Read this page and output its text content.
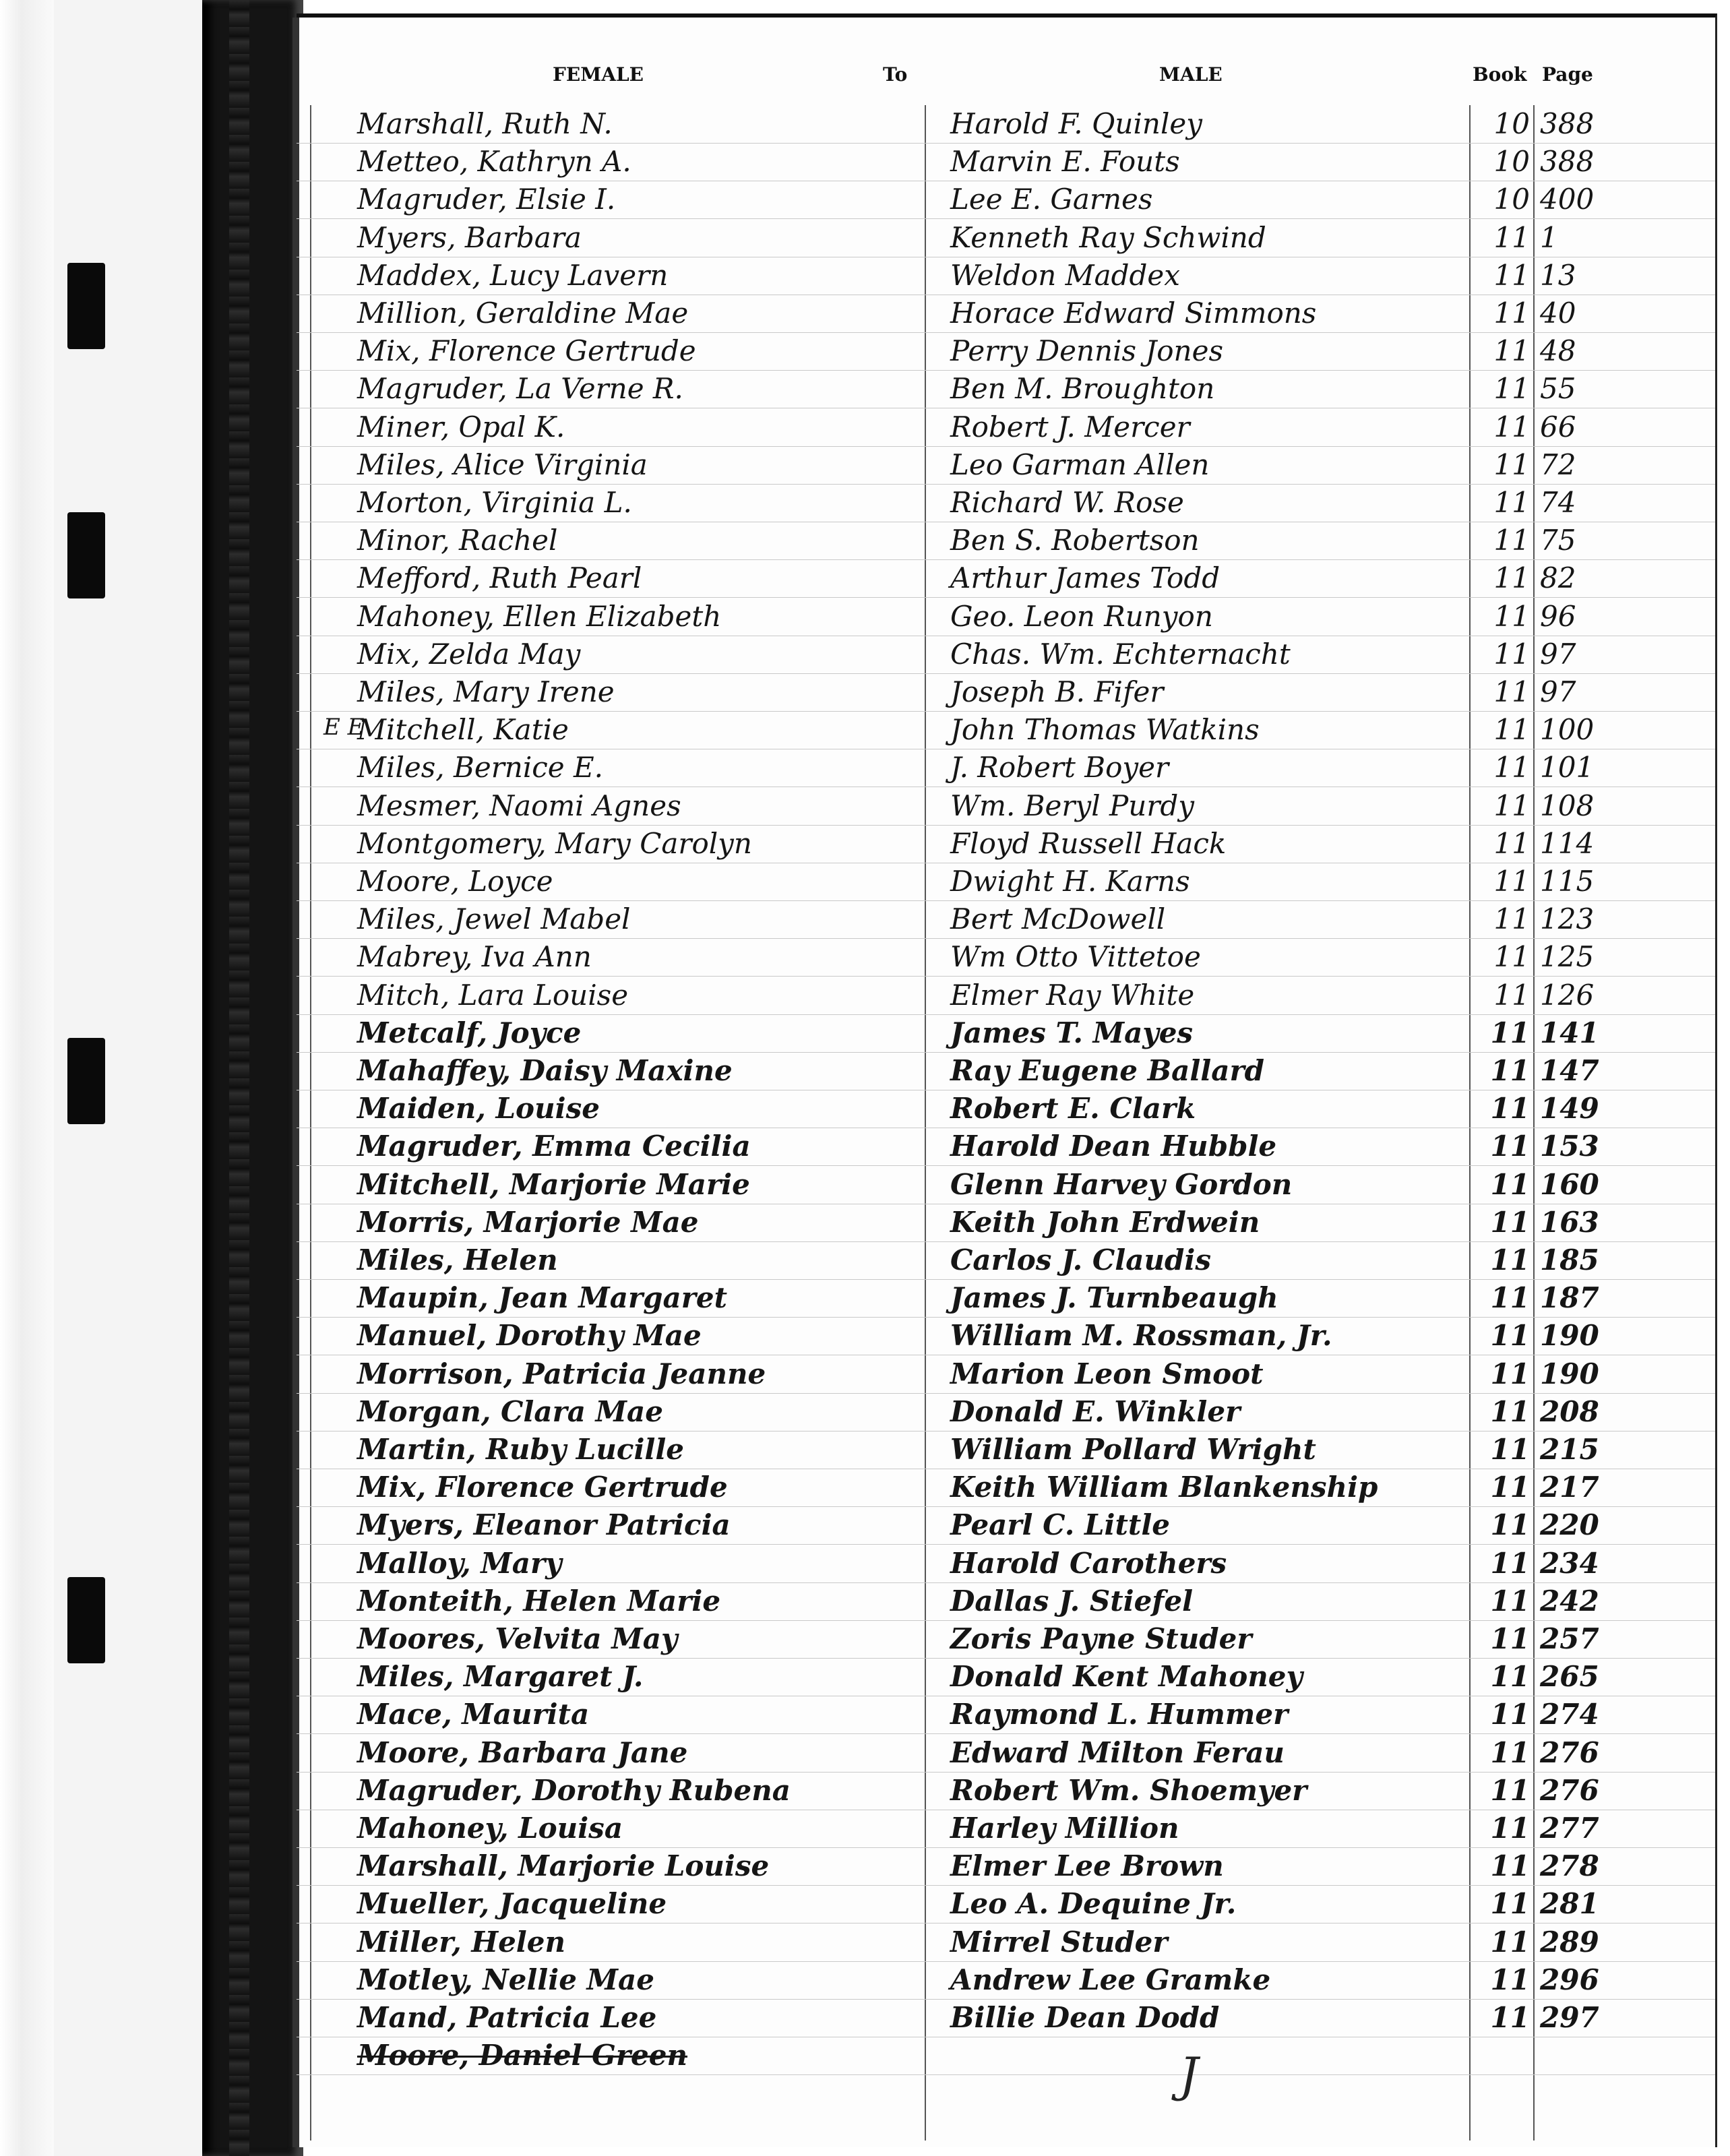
FEMALE	To	MALE	Book Page
Marshall, Ruth N.	Harold F. Quinley	10 388
Metteo, Kathryn A.	Marvin E. Fouts	10 388
Magruder, Elsie I.	Lee E. Garnes	10 400
Myers, Barbara	Kenneth Ray Schwind	11 1
Maddex, Lucy Lavern	Weldon Maddex	11 13
Million, Geraldine Mae	Horace Edward Simmons	11 40
Mix, Florence Gertrude	Perry Dennis Jones	11 48
Magruder, La Verne R.	Ben M. Broughton	11 55
Miner, Opal K.	Robert J. Mercer	11 66
Miles, Alice Virginia	Leo Garman Allen	11 72
Morton, Virginia L.	Richard W. Rose	11 74
Minor, Rachel	Ben S. Robertson	11 75
Mefford, Ruth Pearl	Arthur James Todd	11 82
Mahoney, Ellen Elizabeth	Geo. Leon Runyon	11 96
Mix, Zelda May	Chas. Wm. Echternacht	11 97
Miles, Mary Irene	Joseph B. Fifer	11 97
E E
Mitchell, Katie	John Thomas Watkins	11 100
Miles, Bernice E.	J. Robert Boyer	11 101
Mesmer, Naomi Agnes	Wm. Beryl Purdy	11 108
Montgomery, Mary Carolyn	Floyd Russell Hack	11 114
Moore, Loyce	Dwight H. Karns	11 115
Miles, Jewel Mabel	Bert McDowell	11 123
Mabrey, Iva Ann	Wm Otto Vittetoe	11 125
Mitch, Lara Louise	Elmer Ray White	11 126
Metcalf, Joyce	James T. Mayes	11 141
Mahaffey, Daisy Maxine	Ray Eugene Ballard	11 147
Maiden, Louise	Robert E. Clark	11 149
Magruder, Emma Cecilia	Harold Dean Hubble	11 153
Mitchell, Marjorie Marie	Glenn Harvey Gordon	11 160
Morris, Marjorie Mae	Keith John Erdwein	11 163
Miles, Helen	Carlos J. Claudis	11 185
Maupin, Jean Margaret	James J. Turnbeaugh	11 187
Manuel, Dorothy Mae	William M. Rossman, Jr.	11 190
Morrison, Patricia Jeanne	Marion Leon Smoot	11 190
Morgan, Clara Mae	Donald E. Winkler	11 208
Martin, Ruby Lucille	William Pollard Wright	11 215
Mix, Florence Gertrude	Keith William Blankenship	11 217
Myers, Eleanor Patricia	Pearl C. Little	11 220
Malloy, Mary	Harold Carothers	11 234
Monteith, Helen Marie	Dallas J. Stiefel	11 242
Moores, Velvita May	Zoris Payne Studer	11 257
Miles, Margaret J.	Donald Kent Mahoney	11 265
Mace, Maurita	Raymond L. Hummer	11 274
Moore, Barbara Jane	Edward Milton Ferau	11 276
Magruder, Dorothy Rubena	Robert Wm. Shoemyer	11 276
Mahoney, Louisa	Harley Million	11 277
Marshall, Marjorie Louise	Elmer Lee Brown	11 278
Mueller, Jacqueline	Leo A. Dequine Jr.	11 281
Miller, Helen	Mirrel Studer	11 289
Motley, Nellie Mae	Andrew Lee Gramke	11 296
Mand, Patricia Lee	Billie Dean Dodd	11 297
Moore, Daniel Green	J
